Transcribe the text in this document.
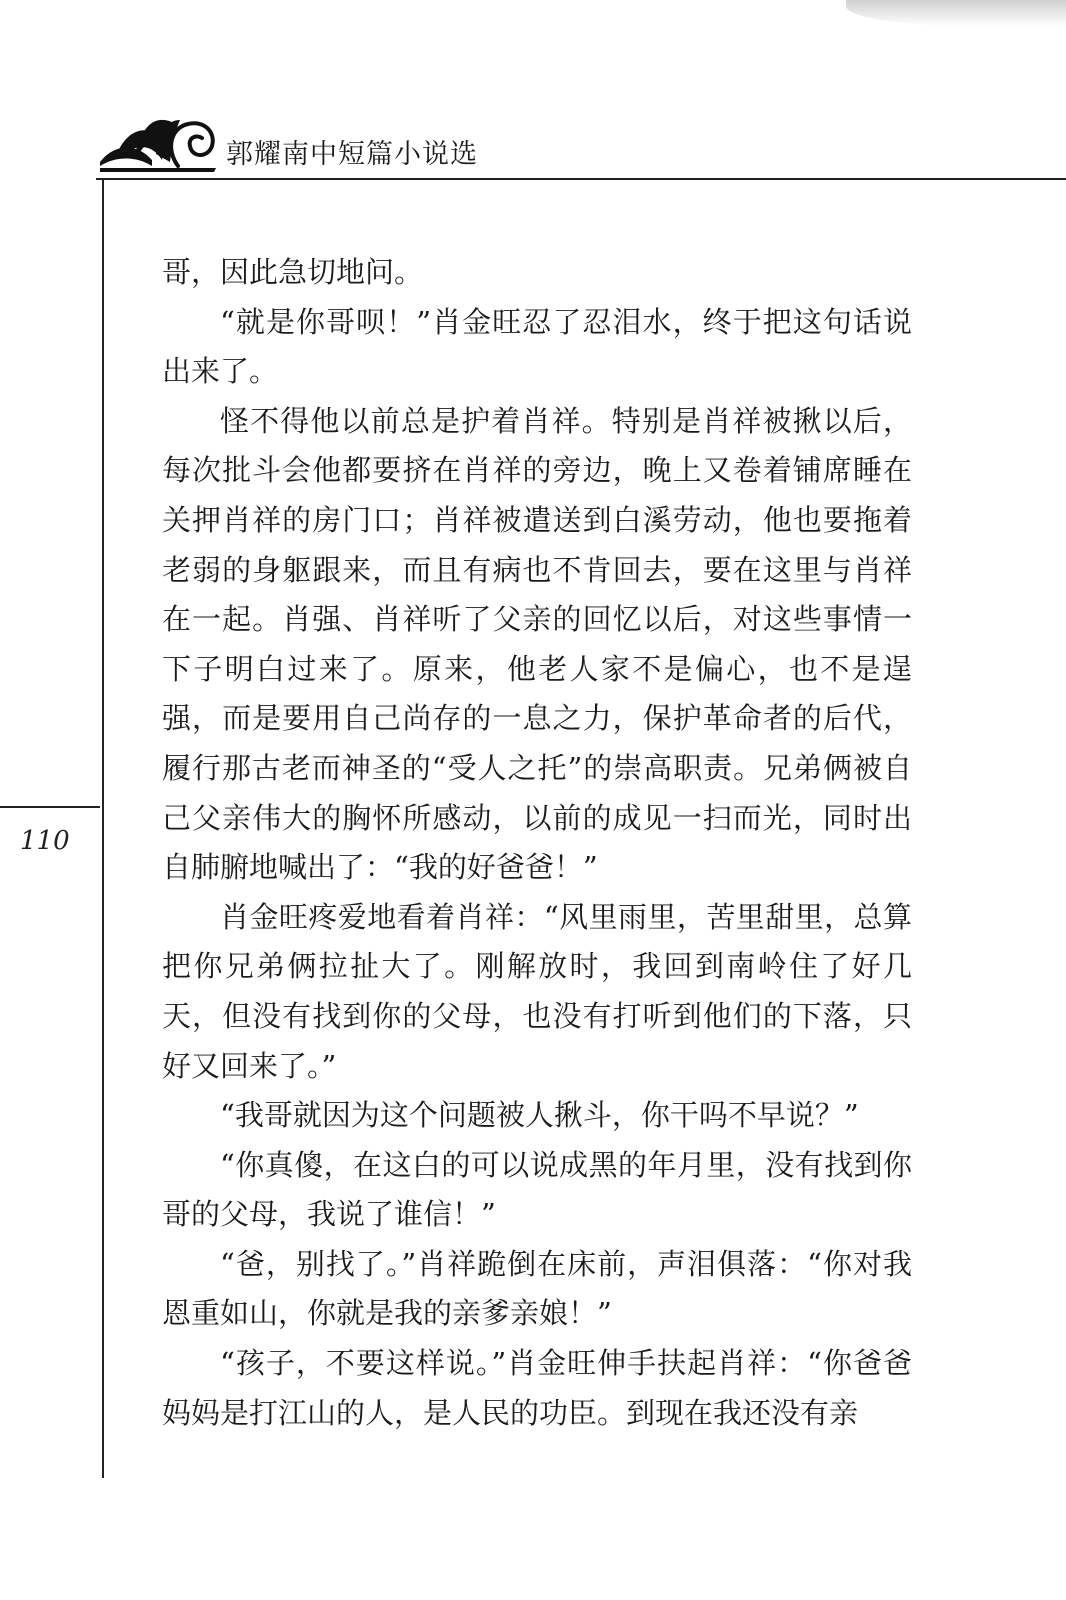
郭耀南中短篇小说选
110

哥，因此急切地问。

“就是你哥呗！”肖金旺忍了忍泪水，终于把这句话说出来了。

怪不得他以前总是护着肖祥。特别是肖祥被揪以后，每次批斗会他都要挤在肖祥的旁边，晚上又卷着铺席睡在关押肖祥的房门口；肖祥被遣送到白溪劳动，他也要拖着老弱的身躯跟来，而且有病也不肯回去，要在这里与肖祥在一起。肖强、肖祥听了父亲的回忆以后，对这些事情一下子明白过来了。原来，他老人家不是偏心，也不是逞强，而是要用自己尚存的一息之力，保护革命者的后代，履行那古老而神圣的“受人之托”的崇高职责。兄弟俩被自己父亲伟大的胸怀所感动，以前的成见一扫而光，同时出自肺腑地喊出了：“我的好爸爸！”

肖金旺疼爱地看着肖祥：“风里雨里，苦里甜里，总算把你兄弟俩拉扯大了。刚解放时，我回到南岭住了好几天，但没有找到你的父母，也没有打听到他们的下落，只好又回来了。”

“我哥就因为这个问题被人揪斗，你干吗不早说？”

“你真傻，在这白的可以说成黑的年月里，没有找到你哥的父母，我说了谁信！”

“爸，别找了。”肖祥跪倒在床前，声泪俱落：“你对我恩重如山，你就是我的亲爹亲娘！”

“孩子，不要这样说。”肖金旺伸手扶起肖祥：“你爸爸妈妈是打江山的人，是人民的功臣。到现在我还没有亲
